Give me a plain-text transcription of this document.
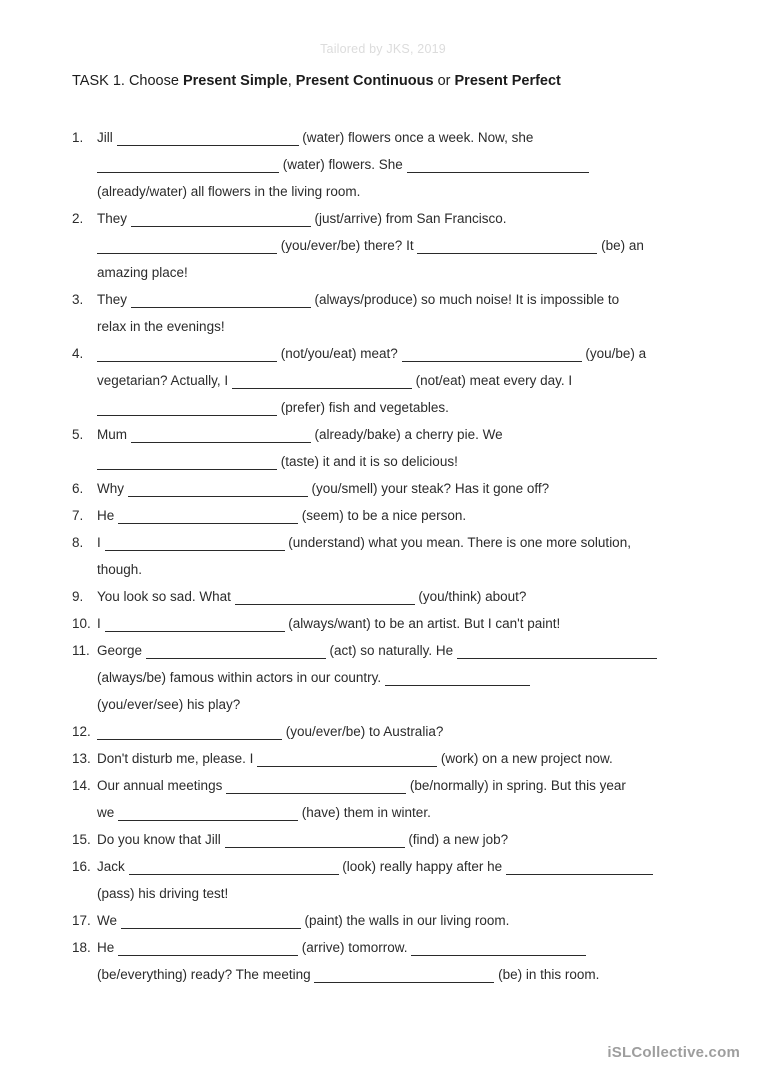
Tailored by JKS, 2019
TASK 1. Choose Present Simple, Present Continuous or Present Perfect
1.	Jill	(water) flowers once a week. Now, she
(water) flowers. She
(already/water) all flowers in the living room.
2.	They	(just/arrive) from San Francisco.
(you/ever/be) there? It	(be) an
amazing place!
3.	They	(always/produce) so much noise! It is impossible to
relax in the evenings!
4.	(not/you/eat) meat?	(you/be) a
vegetarian? Actually, I	(not/eat) meat every day. I
(prefer) fish and vegetables.
5.	Mum	(already/bake) a cherry pie. We
(taste) it and it is so delicious!
6.	Why	(you/smell) your steak? Has it gone off?
7.	He	(seem) to be a nice person.
8.	I	(understand) what you mean. There is one more solution,
though.
9.	You look so sad. What	(you/think) about?
10. I	(always/want) to be an artist. But I can't paint!
11. George	(act) so naturally. He
(always/be) famous within actors in our country.
(you/ever/see) his play?
12.	(you/ever/be) to Australia?
13. Don't disturb me, please. I	(work) on a new project now.
14. Our annual meetings	(be/normally) in spring. But this year
we	(have) them in winter.
15. Do you know that Jill	(find) a new job?
16. Jack	(look) really happy after he
(pass) his driving test!
17. We	(paint) the walls in our living room.
18. He	(arrive) tomorrow.
(be/everything) ready? The meeting	(be) in this room.
iSLCollective.com
